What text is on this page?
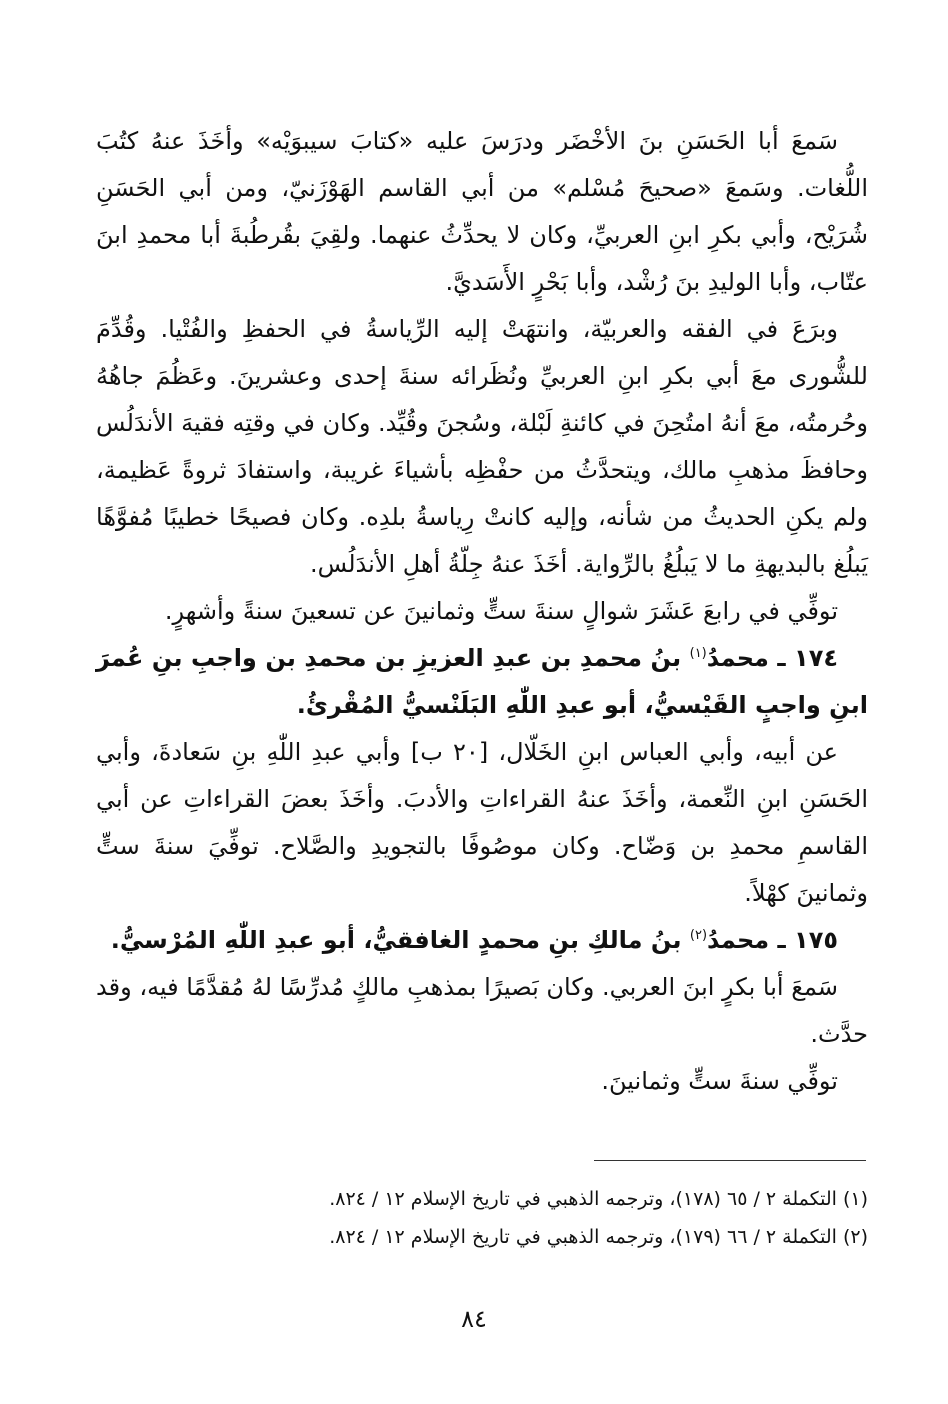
سَمعَ أبا الحَسَنِ بنَ الأخْضَر ودرَسَ عليه «كتابَ سيبوَيْه» وأخَذَ عنهُ كتُبَ اللُّغات. وسَمعَ «صحيحَ مُسْلم» من أبي القاسم الهَوْزَنيّ، ومن أبي الحَسَنِ شُرَيْح، وأبي بكرِ ابنِ العربيِّ، وكان لا يحدِّثُ عنهما. ولقِيَ بقُرطُبةَ أبا محمدِ ابنَ عتّاب، وأبا الوليدِ بنَ رُشْد، وأبا بَحْرٍ الأَسَديَّ.

وبرَعَ في الفقه والعربيّة، وانتهَتْ إليه الرِّياسةُ في الحفظِ والفُتْيا. وقُدِّمَ للشُّورى معَ أبي بكرِ ابنِ العربيِّ ونُظَرائه سنةَ إحدى وعشرينَ. وعَظُمَ جاهُهُ وحُرمتُه، معَ أنهُ امتُحِنَ في كائنةِ لَبْلة، وسُجنَ وقُيِّد. وكان في وقتِه فقيهَ الأندَلُس وحافظَ مذهبِ مالك، ويتحدَّثُ من حفْظِه بأشياءَ غريبة، واستفادَ ثروةً عَظيمة، ولم يكنِ الحديثُ من شأنه، وإليه كانتْ رِياسةُ بلدِه. وكان فصيحًا خطيبًا مُفوَّهًا يَبلُغ بالبديهةِ ما لا يَبلُغُ بالرِّواية. أخَذَ عنهُ جِلّةُ أهلِ الأندَلُس.

توفِّي في رابعَ عَشَرَ شوالٍ سنةَ ستٍّ وثمانينَ عن تسعينَ سنةً وأشهرٍ.

١٧٤ ـ محمدُ$^{(١)}$ بنُ محمدِ بن عبدِ العزيزِ بن محمدِ بن واجبِ بنِ عُمرَ ابنِ واجبٍ القَيْسيُّ، أبو عبدِ اللّٰهِ البَلَنْسيُّ المُقْرئُ.

عن أبيه، وأبي العباس ابنِ الخَلّال، [٢٠ ب] وأبي عبدِ اللّٰهِ بنِ سَعادةَ، وأبي الحَسَنِ ابنِ النِّعمة، وأخَذَ عنهُ القراءاتِ والأدبَ. وأخَذَ بعضَ القراءاتِ عن أبي القاسمِ محمدِ بن وَضّاح. وكان موصُوفًا بالتجويدِ والصَّلاح. توفِّيَ سنةَ ستٍّ وثمانينَ كهْلاً.

١٧٥ ـ محمدُ$^{(٢)}$ بنُ مالكِ بنِ محمدٍ الغافقيُّ، أبو عبدِ اللّٰهِ المُرْسيُّ.

سَمعَ أبا بكرٍ ابنَ العربي. وكان بَصيرًا بمذهبِ مالكٍ مُدرِّسًا لهُ مُقدَّمًا فيه، وقد حدَّث.

توفِّي سنةَ ستٍّ وثمانينَ.

(١) التكملة ٢ / ٦٥ (١٧٨)، وترجمه الذهبي في تاريخ الإسلام ١٢ / ٨٢٤.

(٢) التكملة ٢ / ٦٦ (١٧٩)، وترجمه الذهبي في تاريخ الإسلام ١٢ / ٨٢٤.

٨٤
